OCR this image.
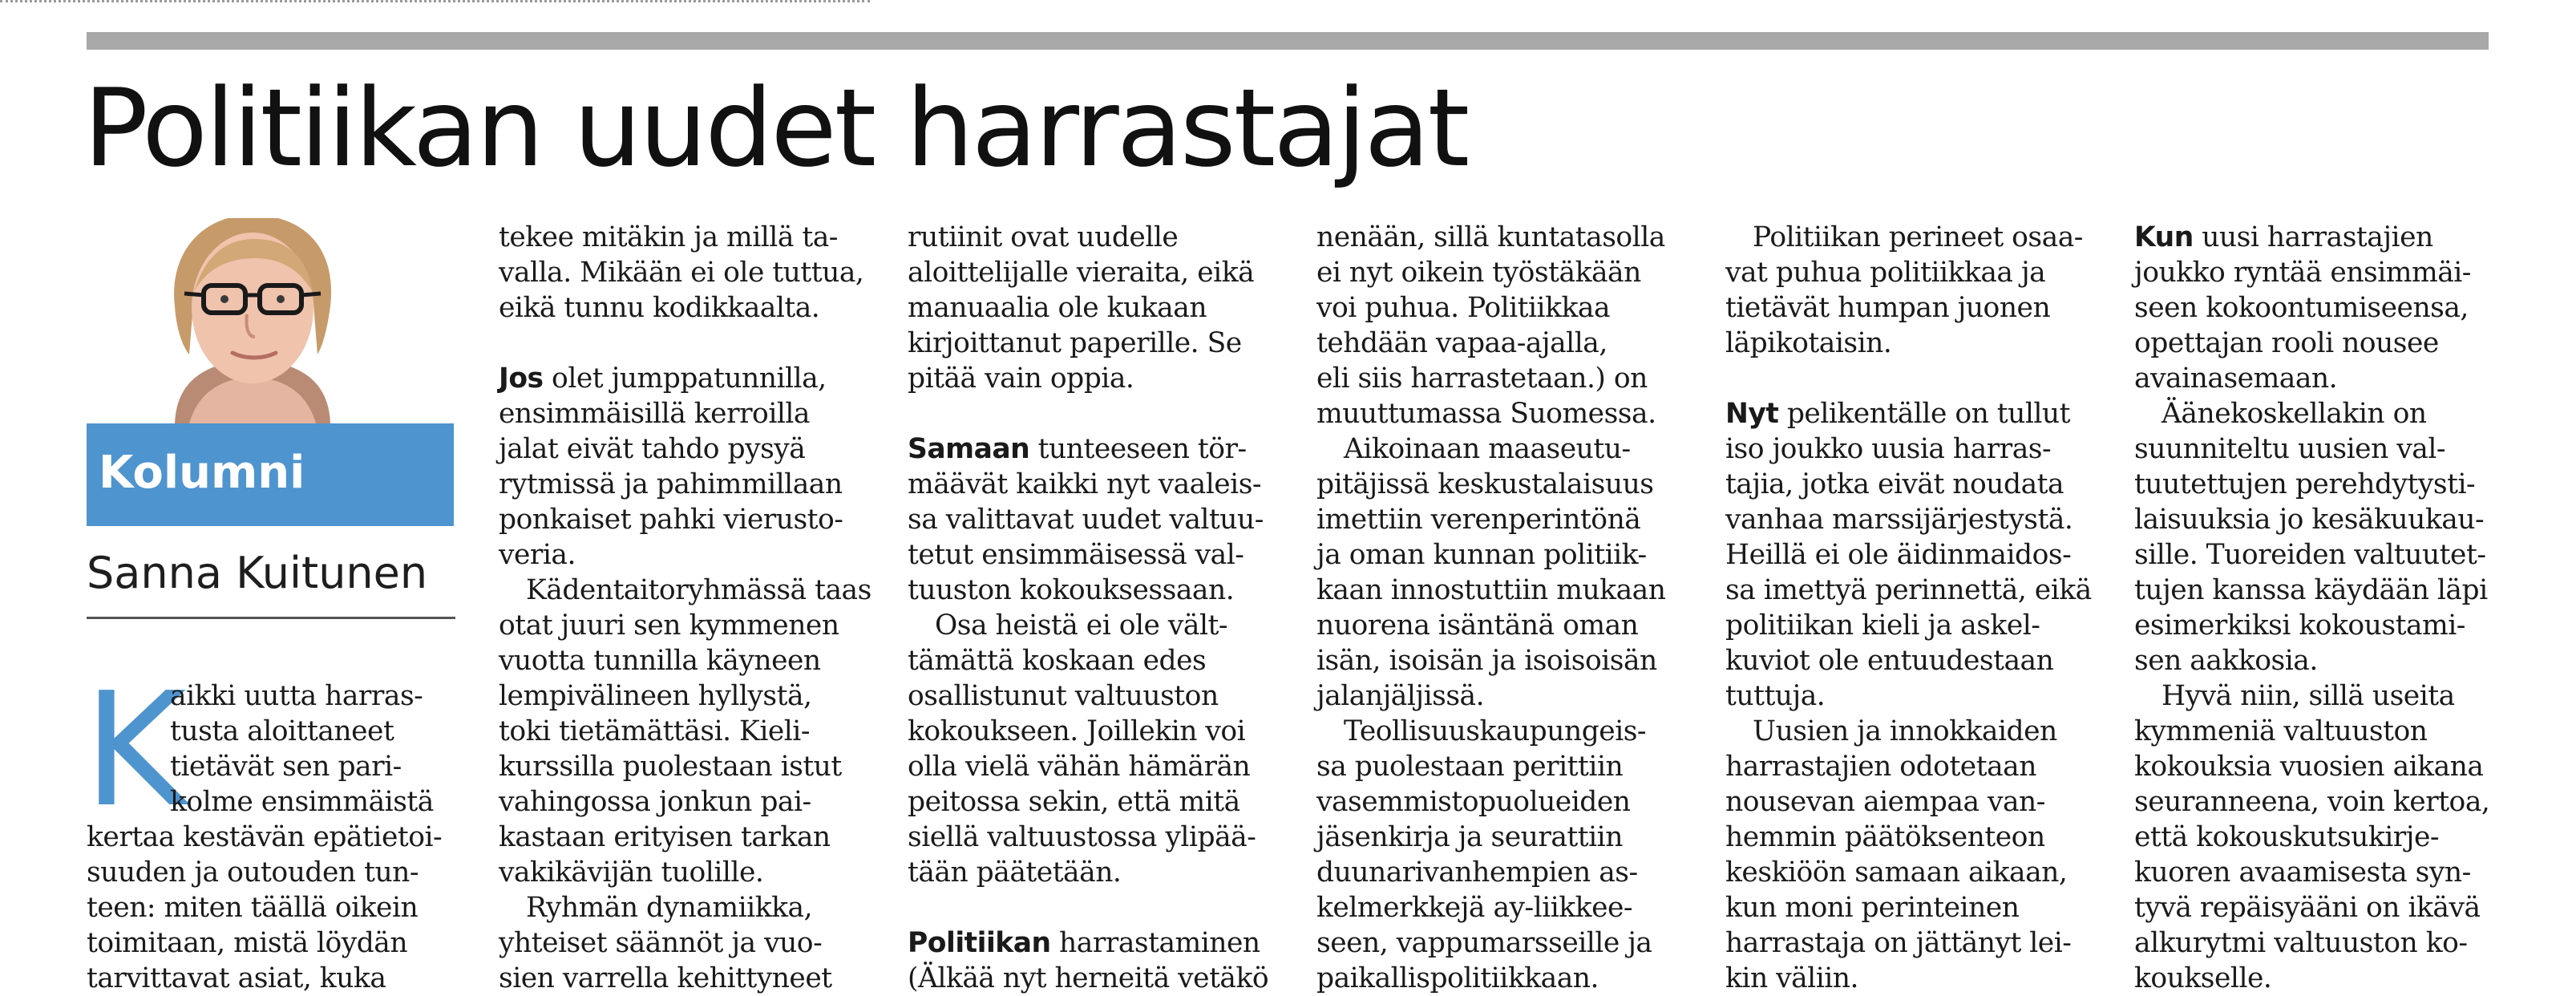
Politiikan uudet harrastajat
Kolumni
Sanna Kuitunen

K

aikki uutta harras-
tusta aloittaneet
tietävät sen pari-
kolme ensimmäistä
kertaa kestävän epätietoi-
suuden ja outouden tun-
teen: miten täällä oikein
toimitaan, mistä löydän
tarvittavat asiat, kuka
tekee mitäkin ja millä ta-
valla. Mikään ei ole tuttua,
eikä tunnu kodikkaalta.
Jos olet jumppatunnilla,
ensimmäisillä kerroilla
jalat eivät tahdo pysyä
rytmissä ja pahimmillaan
ponkaiset pahki vierusto-
veria.
Kädentaitoryhmässä taas
otat juuri sen kymmenen
vuotta tunnilla käyneen
lempivälineen hyllystä,
toki tietämättäsi. Kieli-
kurssilla puolestaan istut
vahingossa jonkun pai-
kastaan erityisen tarkan
vakikävijän tuolille.
Ryhmän dynamiikka,
yhteiset säännöt ja vuo-
sien varrella kehittyneet
rutiinit ovat uudelle
aloittelijalle vieraita, eikä
manuaalia ole kukaan
kirjoittanut paperille. Se
pitää vain oppia.
Samaan tunteeseen tör-
määvät kaikki nyt vaaleis-
sa valittavat uudet valtuu-
tetut ensimmäisessä val-
tuuston kokouksessaan.
Osa heistä ei ole vält-
tämättä koskaan edes
osallistunut valtuuston
kokoukseen. Joillekin voi
olla vielä vähän hämärän
peitossa sekin, että mitä
siellä valtuustossa ylipää-
tään päätetään.
Politiikan harrastaminen
(Älkää nyt herneitä vetäkö
nenään, sillä kuntatasolla
ei nyt oikein työstäkään
voi puhua. Politiikkaa
tehdään vapaa-ajalla,
eli siis harrastetaan.) on
muuttumassa Suomessa.
Aikoinaan maaseutu-
pitäjissä keskustalaisuus
imettiin verenperintönä
ja oman kunnan politiik-
kaan innostuttiin mukaan
nuorena isäntänä oman
isän, isoisän ja isoisoisän
jalanjäljissä.
Teollisuuskaupungeis-
sa puolestaan perittiin
vasemmistopuolueiden
jäsenkirja ja seurattiin
duunarivanhempien as-
kelmerkkejä ay-liikkee-
seen, vappumarsseille ja
paikallispolitiikkaan.
Politiikan perineet osaa-
vat puhua politiikkaa ja
tietävät humpan juonen
läpikotaisin.
Nyt pelikentälle on tullut
iso joukko uusia harras-
tajia, jotka eivät noudata
vanhaa marssijärjestystä.
Heillä ei ole äidinmaidos-
sa imettyä perinnettä, eikä
politiikan kieli ja askel-
kuviot ole entuudestaan
tuttuja.
Uusien ja innokkaiden
harrastajien odotetaan
nousevan aiempaa van-
hemmin päätöksenteon
keskiöön samaan aikaan,
kun moni perinteinen
harrastaja on jättänyt lei-
kin väliin.
Kun uusi harrastajien
joukko ryntää ensimmäi-
seen kokoontumiseensa,
opettajan rooli nousee
avainasemaan.
Äänekoskellakin on
suunniteltu uusien val-
tuutettujen perehdytysti-
laisuuksia jo kesäkuukau-
sille. Tuoreiden valtuutet-
tujen kanssa käydään läpi
esimerkiksi kokoustami-
sen aakkosia.
Hyvä niin, sillä useita
kymmeniä valtuuston
kokouksia vuosien aikana
seuranneena, voin kertoa,
että kokouskutsukirje-
kuoren avaamisesta syn-
tyvä repäisyääni on ikävä
alkurytmi valtuuston ko-
koukselle.
